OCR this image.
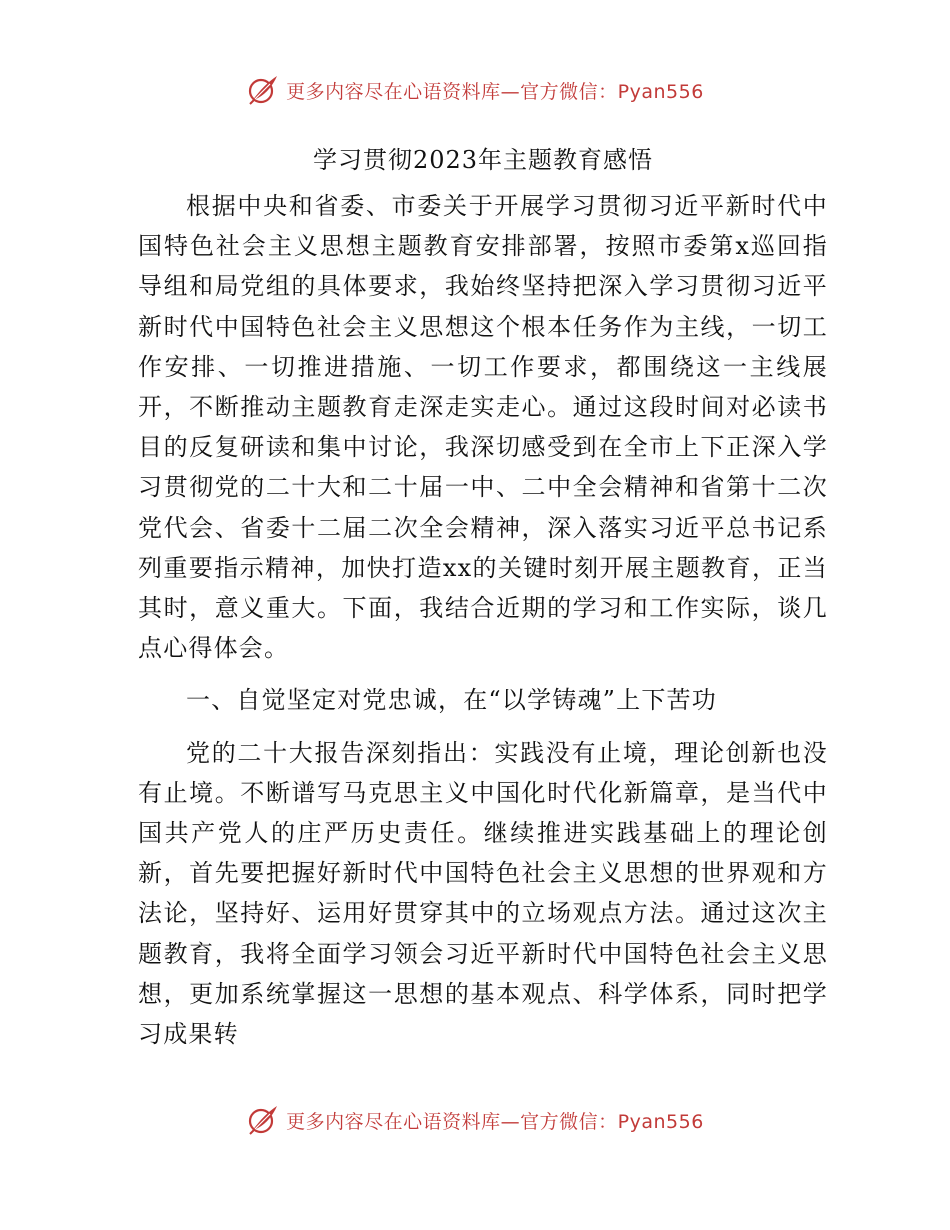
更多内容尽在心语资料库—官方微信：Pyan556
学习贯彻2023年主题教育感悟

根据中央和省委、市委关于开展学习贯彻习近平新时代中国特色社会主义思想主题教育安排部署，按照市委第x巡回指导组和局党组的具体要求，我始终坚持把深入学习贯彻习近平新时代中国特色社会主义思想这个根本任务作为主线，一切工作安排、一切推进措施、一切工作要求，都围绕这一主线展开，不断推动主题教育走深走实走心。通过这段时间对必读书目的反复研读和集中讨论，我深切感受到在全市上下正深入学习贯彻党的二十大和二十届一中、二中全会精神和省第十二次党代会、省委十二届二次全会精神，深入落实习近平总书记系列重要指示精神，加快打造xx的关键时刻开展主题教育，正当其时，意义重大。下面，我结合近期的学习和工作实际，谈几点心得体会。

一、自觉坚定对党忠诚，在“以学铸魂”上下苦功

党的二十大报告深刻指出：实践没有止境，理论创新也没有止境。不断谱写马克思主义中国化时代化新篇章，是当代中国共产党人的庄严历史责任。继续推进实践基础上的理论创新，首先要把握好新时代中国特色社会主义思想的世界观和方法论，坚持好、运用好贯穿其中的立场观点方法。通过这次主题教育，我将全面学习领会习近平新时代中国特色社会主义思想，更加系统掌握这一思想的基本观点、科学体系，同时把学习成果转

更多内容尽在心语资料库—官方微信：Pyan556
